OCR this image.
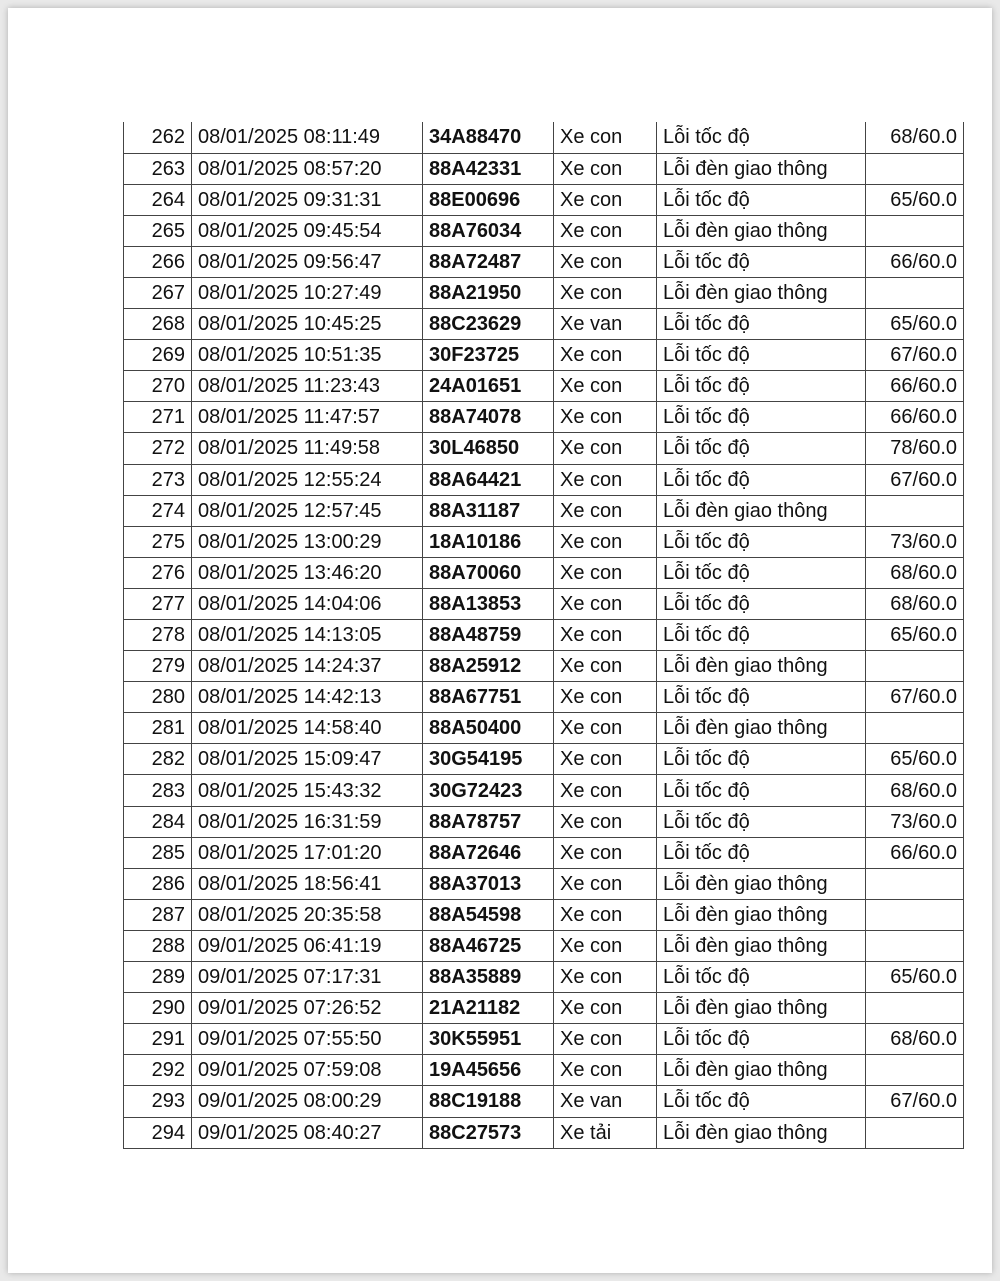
262	08/01/2025 08:11:49	34A88470	Xe con	Lỗi tốc độ	68/60.0
263	08/01/2025 08:57:20	88A42331	Xe con	Lỗi đèn giao thông	
264	08/01/2025 09:31:31	88E00696	Xe con	Lỗi tốc độ	65/60.0
265	08/01/2025 09:45:54	88A76034	Xe con	Lỗi đèn giao thông	
266	08/01/2025 09:56:47	88A72487	Xe con	Lỗi tốc độ	66/60.0
267	08/01/2025 10:27:49	88A21950	Xe con	Lỗi đèn giao thông	
268	08/01/2025 10:45:25	88C23629	Xe van	Lỗi tốc độ	65/60.0
269	08/01/2025 10:51:35	30F23725	Xe con	Lỗi tốc độ	67/60.0
270	08/01/2025 11:23:43	24A01651	Xe con	Lỗi tốc độ	66/60.0
271	08/01/2025 11:47:57	88A74078	Xe con	Lỗi tốc độ	66/60.0
272	08/01/2025 11:49:58	30L46850	Xe con	Lỗi tốc độ	78/60.0
273	08/01/2025 12:55:24	88A64421	Xe con	Lỗi tốc độ	67/60.0
274	08/01/2025 12:57:45	88A31187	Xe con	Lỗi đèn giao thông	
275	08/01/2025 13:00:29	18A10186	Xe con	Lỗi tốc độ	73/60.0
276	08/01/2025 13:46:20	88A70060	Xe con	Lỗi tốc độ	68/60.0
277	08/01/2025 14:04:06	88A13853	Xe con	Lỗi tốc độ	68/60.0
278	08/01/2025 14:13:05	88A48759	Xe con	Lỗi tốc độ	65/60.0
279	08/01/2025 14:24:37	88A25912	Xe con	Lỗi đèn giao thông	
280	08/01/2025 14:42:13	88A67751	Xe con	Lỗi tốc độ	67/60.0
281	08/01/2025 14:58:40	88A50400	Xe con	Lỗi đèn giao thông	
282	08/01/2025 15:09:47	30G54195	Xe con	Lỗi tốc độ	65/60.0
283	08/01/2025 15:43:32	30G72423	Xe con	Lỗi tốc độ	68/60.0
284	08/01/2025 16:31:59	88A78757	Xe con	Lỗi tốc độ	73/60.0
285	08/01/2025 17:01:20	88A72646	Xe con	Lỗi tốc độ	66/60.0
286	08/01/2025 18:56:41	88A37013	Xe con	Lỗi đèn giao thông	
287	08/01/2025 20:35:58	88A54598	Xe con	Lỗi đèn giao thông	
288	09/01/2025 06:41:19	88A46725	Xe con	Lỗi đèn giao thông	
289	09/01/2025 07:17:31	88A35889	Xe con	Lỗi tốc độ	65/60.0
290	09/01/2025 07:26:52	21A21182	Xe con	Lỗi đèn giao thông	
291	09/01/2025 07:55:50	30K55951	Xe con	Lỗi tốc độ	68/60.0
292	09/01/2025 07:59:08	19A45656	Xe con	Lỗi đèn giao thông	
293	09/01/2025 08:00:29	88C19188	Xe van	Lỗi tốc độ	67/60.0
294	09/01/2025 08:40:27	88C27573	Xe tải	Lỗi đèn giao thông	
